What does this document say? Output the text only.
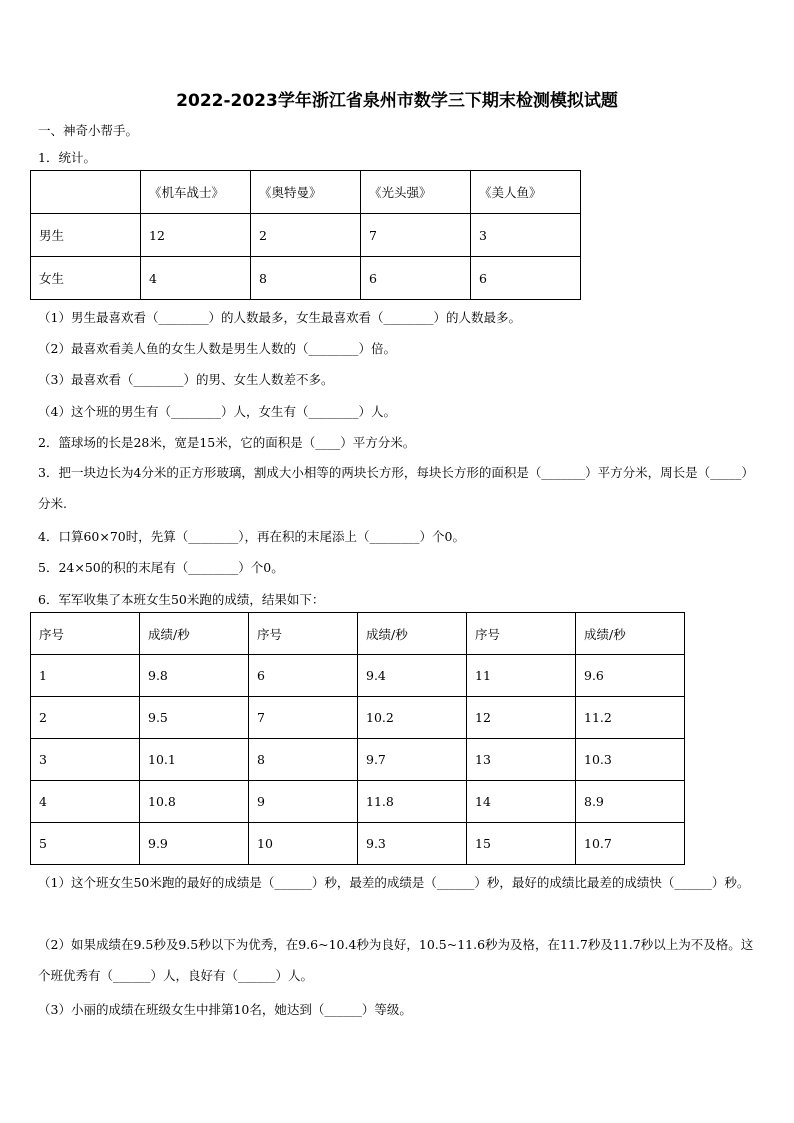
2022-2023学年浙江省泉州市数学三下期末检测模拟试题
一、神奇小帮手。
1．统计。
	《机车战士》	《奥特曼》	《光头强》	《美人鱼》
男生	12	2	7	3
女生	4	8	6	6
（1）男生最喜欢看（________）的人数最多，女生最喜欢看（________）的人数最多。
（2）最喜欢看美人鱼的女生人数是男生人数的（________）倍。
（3）最喜欢看（________）的男、女生人数差不多。
（4）这个班的男生有（________）人，女生有（________）人。
2．篮球场的长是28米，宽是15米，它的面积是（____）平方分米。
3．把一块边长为4分米的正方形玻璃，割成大小相等的两块长方形，每块长方形的面积是（_______）平方分米，周长是（_____）分米.
4．口算60×70时，先算（________），再在积的末尾添上（________）个0。
5．24×50的积的末尾有（________）个0。
6．军军收集了本班女生50米跑的成绩，结果如下：
序号	成绩/秒	序号	成绩/秒	序号	成绩/秒
1	9.8	6	9.4	11	9.6
2	9.5	7	10.2	12	11.2
3	10.1	8	9.7	13	10.3
4	10.8	9	11.8	14	8.9
5	9.9	10	9.3	15	10.7
（1）这个班女生50米跑的最好的成绩是（______）秒，最差的成绩是（______）秒，最好的成绩比最差的成绩快（______）秒。
（2）如果成绩在9.5秒及9.5秒以下为优秀，在9.6~10.4秒为良好，10.5~11.6秒为及格，在11.7秒及11.7秒以上为不及格。这个班优秀有（______）人，良好有（______）人。
（3）小丽的成绩在班级女生中排第10名，她达到（______）等级。
